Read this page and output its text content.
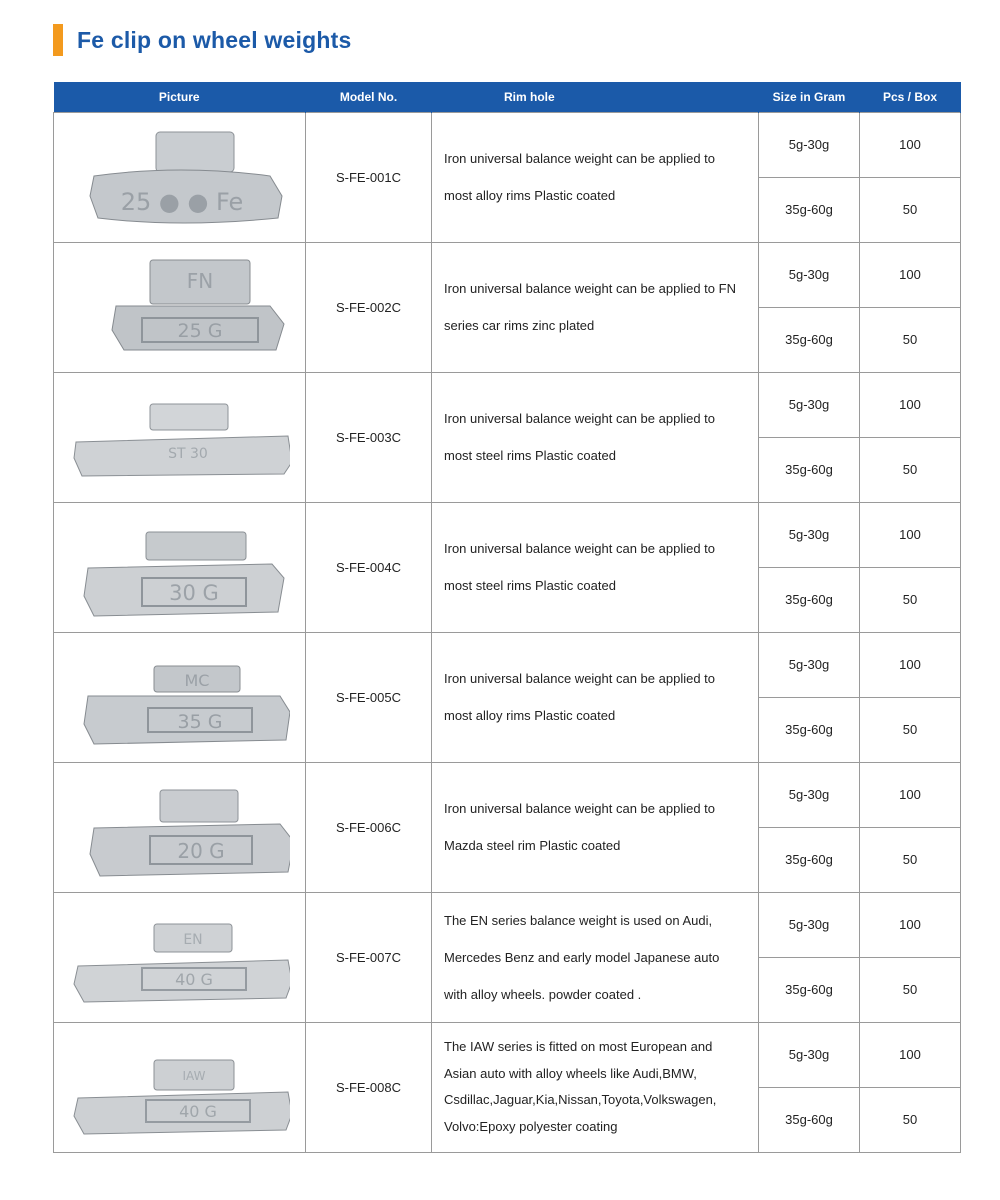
Fe clip on wheel weights
Picture	Model No.	Rim hole	Size in Gram	Pcs / Box

25 ● ● Fe	S-FE-001C	Iron universal balance weight can be applied to most alloy rims Plastic coated	5g-30g	100
			35g-60g	50

FN
25 G	S-FE-002C	Iron universal balance weight can be applied to FN series car rims zinc plated	5g-30g	100
			35g-60g	50

ST 30	S-FE-003C	Iron universal balance weight can be applied to most steel rims Plastic coated	5g-30g	100
			35g-60g	50

30 G	S-FE-004C	Iron universal balance weight can be applied to most steel rims Plastic coated	5g-30g	100
			35g-60g	50

MC
35 G	S-FE-005C	Iron universal balance weight can be applied to most alloy rims Plastic coated	5g-30g	100
			35g-60g	50

20 G	S-FE-006C	Iron universal balance weight can be applied to Mazda steel rim Plastic coated	5g-30g	100
			35g-60g	50

EN
40 G	S-FE-007C	The EN series balance weight is used on Audi, Mercedes Benz and early model Japanese auto with alloy wheels. powder coated .	5g-30g	100
			35g-60g	50

IAW
40 G	S-FE-008C	The IAW series is fitted on most European and Asian auto with alloy wheels like Audi,BMW, Csdillac,Jaguar,Kia,Nissan,Toyota,Volkswagen, Volvo:Epoxy polyester coating	5g-30g	100
			35g-60g	50
